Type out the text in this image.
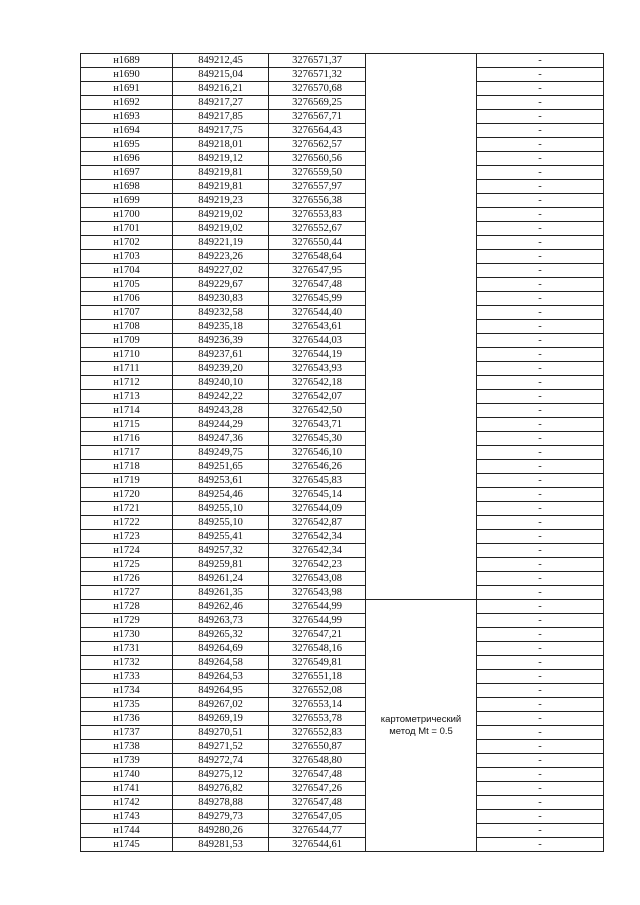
н1689	849212,45	3276571,37		-
н1690	849215,04	3276571,32		-
н1691	849216,21	3276570,68		-
н1692	849217,27	3276569,25		-
н1693	849217,85	3276567,71		-
н1694	849217,75	3276564,43		-
н1695	849218,01	3276562,57		-
н1696	849219,12	3276560,56		-
н1697	849219,81	3276559,50		-
н1698	849219,81	3276557,97		-
н1699	849219,23	3276556,38		-
н1700	849219,02	3276553,83		-
н1701	849219,02	3276552,67		-
н1702	849221,19	3276550,44		-
н1703	849223,26	3276548,64		-
н1704	849227,02	3276547,95		-
н1705	849229,67	3276547,48		-
н1706	849230,83	3276545,99		-
н1707	849232,58	3276544,40		-
н1708	849235,18	3276543,61		-
н1709	849236,39	3276544,03		-
н1710	849237,61	3276544,19		-
н1711	849239,20	3276543,93		-
н1712	849240,10	3276542,18		-
н1713	849242,22	3276542,07		-
н1714	849243,28	3276542,50		-
н1715	849244,29	3276543,71		-
н1716	849247,36	3276545,30		-
н1717	849249,75	3276546,10		-
н1718	849251,65	3276546,26		-
н1719	849253,61	3276545,83		-
н1720	849254,46	3276545,14		-
н1721	849255,10	3276544,09		-
н1722	849255,10	3276542,87		-
н1723	849255,41	3276542,34		-
н1724	849257,32	3276542,34		-
н1725	849259,81	3276542,23		-
н1726	849261,24	3276543,08		-
н1727	849261,35	3276543,98		-
н1728	849262,46	3276544,99	картометрический
метод Mt = 0.5	-
н1729	849263,73	3276544,99		-
н1730	849265,32	3276547,21		-
н1731	849264,69	3276548,16		-
н1732	849264,58	3276549,81		-
н1733	849264,53	3276551,18		-
н1734	849264,95	3276552,08		-
н1735	849267,02	3276553,14		-
н1736	849269,19	3276553,78		-
н1737	849270,51	3276552,83		-
н1738	849271,52	3276550,87		-
н1739	849272,74	3276548,80		-
н1740	849275,12	3276547,48		-
н1741	849276,82	3276547,26		-
н1742	849278,88	3276547,48		-
н1743	849279,73	3276547,05		-
н1744	849280,26	3276544,77		-
н1745	849281,53	3276544,61		-
